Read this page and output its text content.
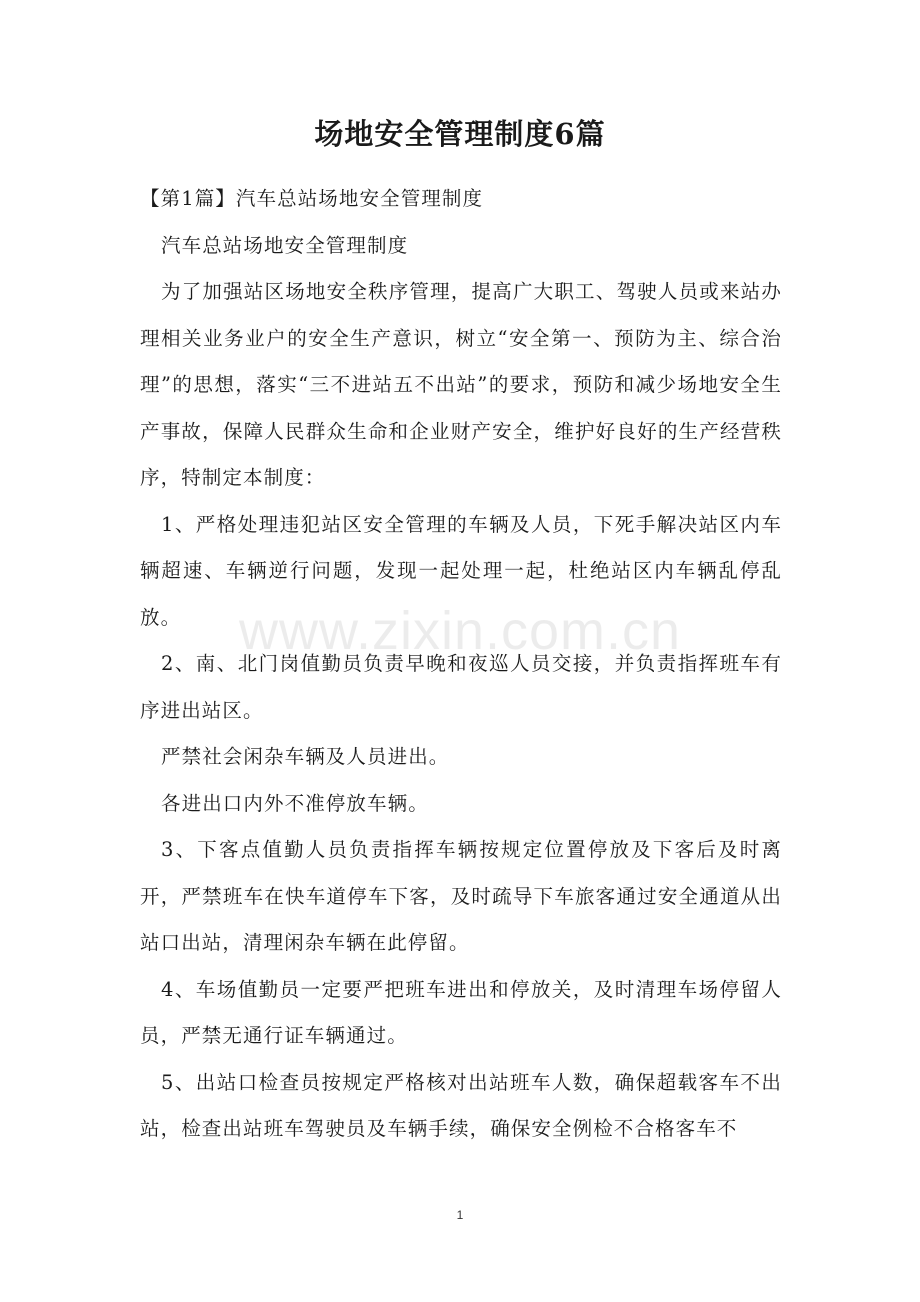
场地安全管理制度6篇

【第1篇】汽车总站场地安全管理制度

汽车总站场地安全管理制度

为了加强站区场地安全秩序管理，提高广大职工、驾驶人员或来站办理相关业务业户的安全生产意识，树立“安全第一、预防为主、综合治理”的思想，落实“三不进站五不出站”的要求，预防和减少场地安全生产事故，保障人民群众生命和企业财产安全，维护好良好的生产经营秩序，特制定本制度：

1、严格处理违犯站区安全管理的车辆及人员，下死手解决站区内车辆超速、车辆逆行问题，发现一起处理一起，杜绝站区内车辆乱停乱放。

2、南、北门岗值勤员负责早晚和夜巡人员交接，并负责指挥班车有序进出站区。

严禁社会闲杂车辆及人员进出。

各进出口内外不准停放车辆。

3、下客点值勤人员负责指挥车辆按规定位置停放及下客后及时离开，严禁班车在快车道停车下客，及时疏导下车旅客通过安全通道从出站口出站，清理闲杂车辆在此停留。

4、车场值勤员一定要严把班车进出和停放关，及时清理车场停留人员，严禁无通行证车辆通过。

5、出站口检查员按规定严格核对出站班车人数，确保超载客车不出站，检查出站班车驾驶员及车辆手续，确保安全例检不合格客车不

www.zixin.com.cn
1
